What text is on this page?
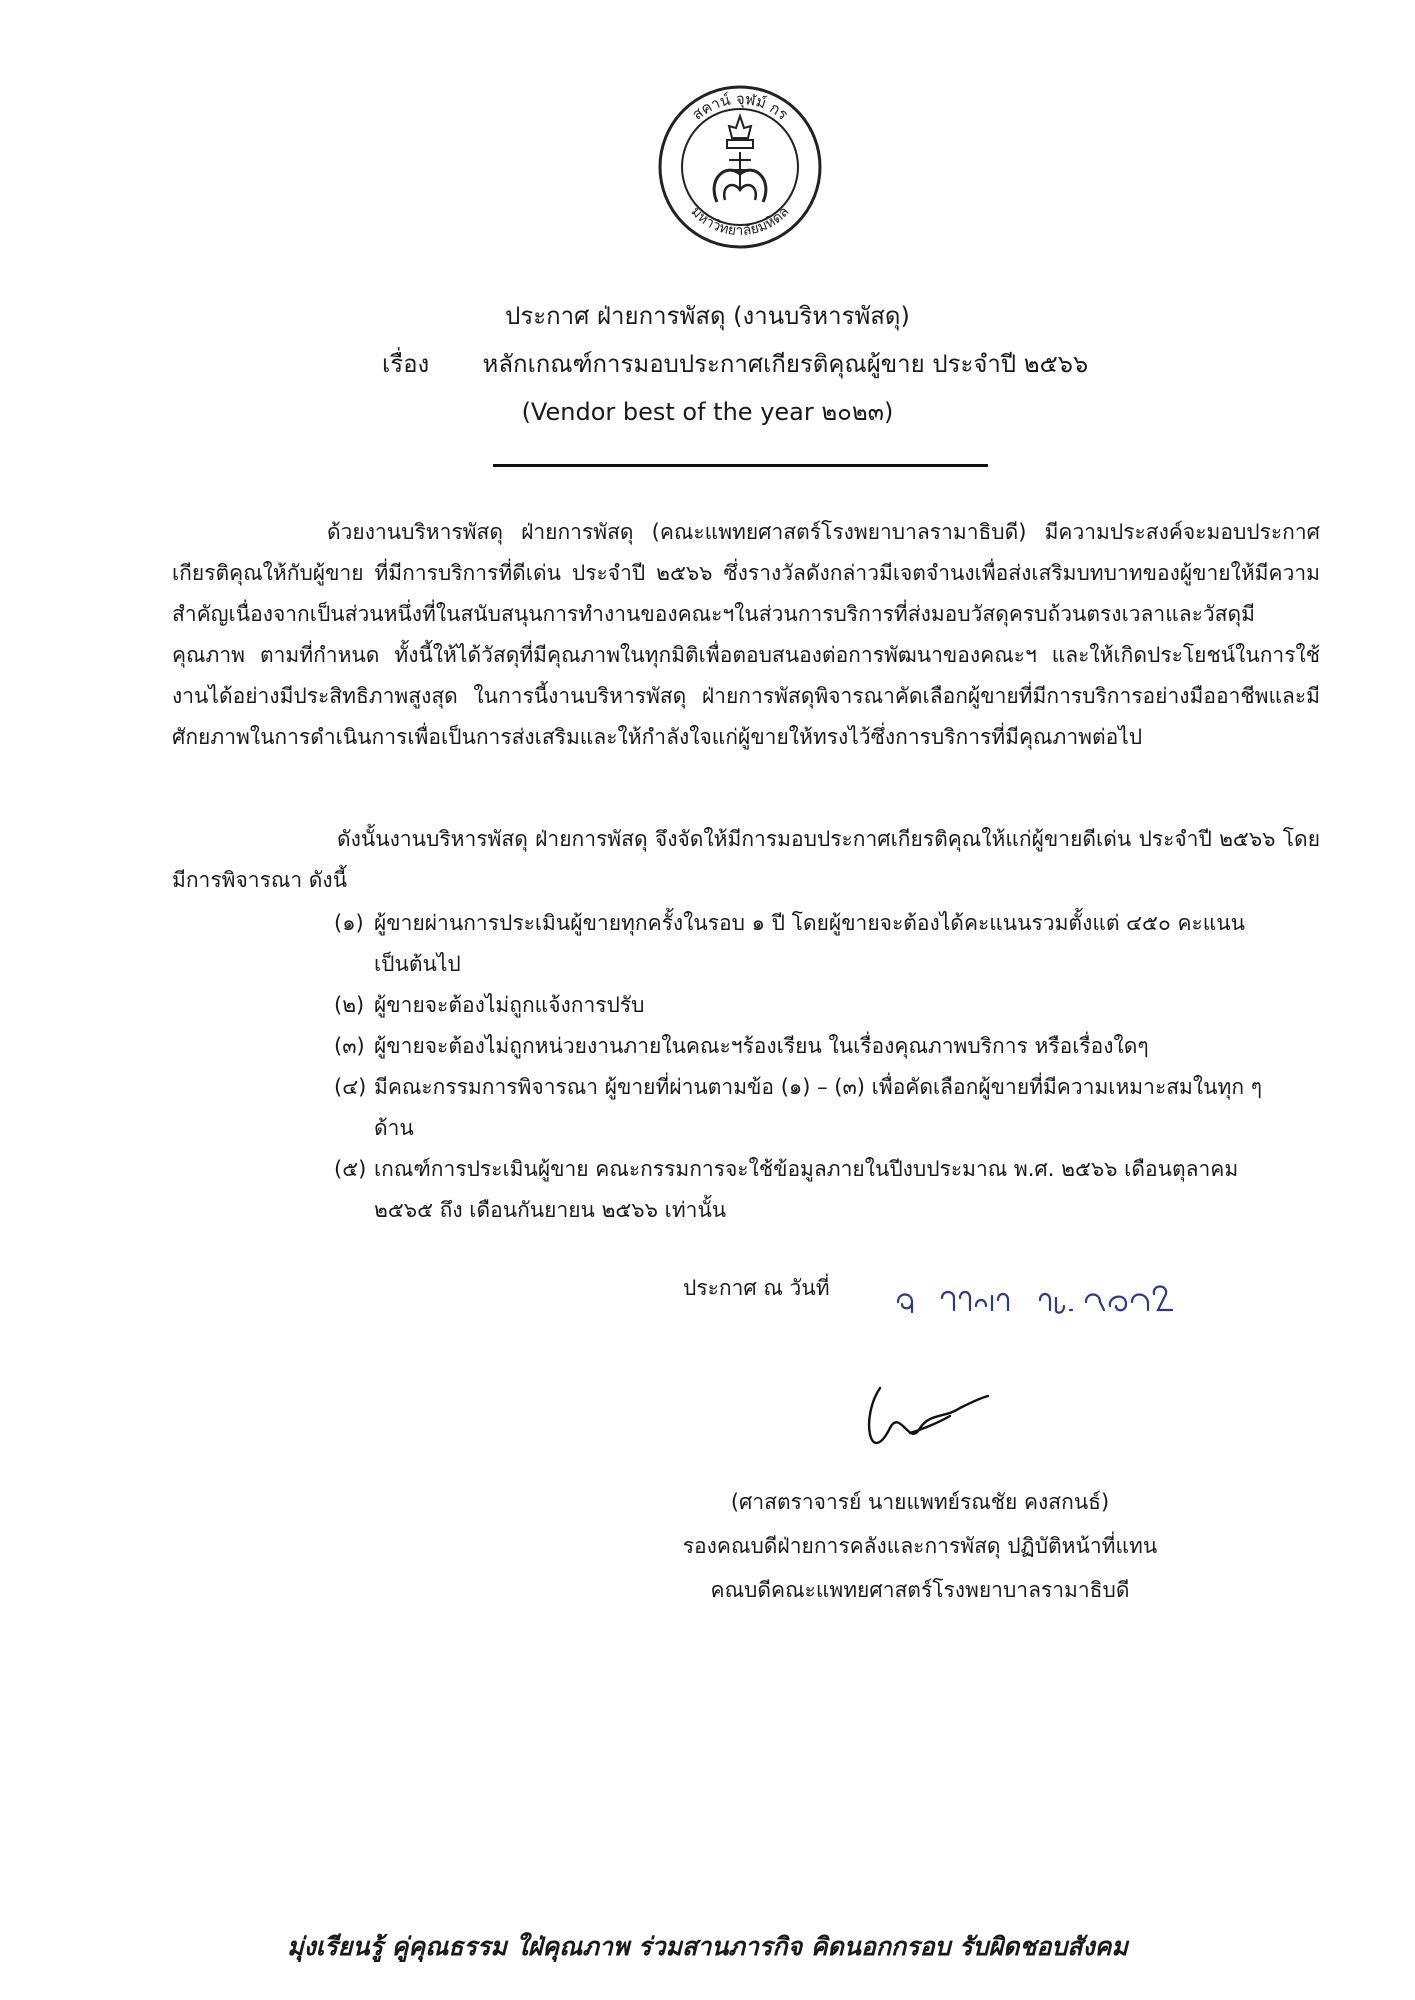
สคาน์ จุฬม์ กร
มหาวิทยาลัยมหิดล
ประกาศ ฝ่ายการพัสดุ (งานบริหารพัสดุ)
เรื่อง หลักเกณฑ์การมอบประกาศเกียรติคุณผู้ขาย ประจำปี ๒๕๖๖
(Vendor best of the year ๒๐๒๓)
ด้วยงานบริหารพัสดุ ฝ่ายการพัสดุ (คณะแพทยศาสตร์โรงพยาบาลรามาธิบดี) มีความประสงค์จะมอบประกาศเกียรติคุณให้กับผู้ขาย ที่มีการบริการที่ดีเด่น ประจำปี ๒๕๖๖ ซึ่งรางวัลดังกล่าวมีเจตจำนงเพื่อส่งเสริมบทบาทของผู้ขายให้มีความสำคัญเนื่องจากเป็นส่วนหนึ่งที่ในสนับสนุนการทำงานของคณะฯในส่วนการบริการที่ส่งมอบวัสดุครบถ้วนตรงเวลาและวัสดุมีคุณภาพ ตามที่กำหนด ทั้งนี้ให้ได้วัสดุที่มีคุณภาพในทุกมิติเพื่อตอบสนองต่อการพัฒนาของคณะฯ และให้เกิดประโยชน์ในการใช้งานได้อย่างมีประสิทธิภาพสูงสุด ในการนี้งานบริหารพัสดุ ฝ่ายการพัสดุพิจารณาคัดเลือกผู้ขายที่มีการบริการอย่างมืออาชีพและมีศักยภาพในการดำเนินการเพื่อเป็นการส่งเสริมและให้กำลังใจแก่ผู้ขายให้ทรงไว้ซึ่งการบริการที่มีคุณภาพต่อไป
ดังนั้นงานบริหารพัสดุ ฝ่ายการพัสดุ จึงจัดให้มีการมอบประกาศเกียรติคุณให้แก่ผู้ขายดีเด่น ประจำปี ๒๕๖๖ โดยมีการพิจารณา ดังนี้
(๑) ผู้ขายผ่านการประเมินผู้ขายทุกครั้งในรอบ ๑ ปี โดยผู้ขายจะต้องได้คะแนนรวมตั้งแต่ ๔๕๐ คะแนนเป็นต้นไป
(๒) ผู้ขายจะต้องไม่ถูกแจ้งการปรับ
(๓) ผู้ขายจะต้องไม่ถูกหน่วยงานภายในคณะฯร้องเรียน ในเรื่องคุณภาพบริการ หรือเรื่องใดๆ
(๔) มีคณะกรรมการพิจารณา ผู้ขายที่ผ่านตามข้อ (๑) – (๓) เพื่อคัดเลือกผู้ขายที่มีความเหมาะสมในทุก ๆ ด้าน
(๕) เกณฑ์การประเมินผู้ขาย คณะกรรมการจะใช้ข้อมูลภายในปีงบประมาณ พ.ศ. ๒๕๖๖ เดือนตุลาคม ๒๕๖๕ ถึง เดือนกันยายน ๒๕๖๖ เท่านั้น
ประกาศ ณ วันที่
(ศาสตราจารย์ นายแพทย์รณชัย คงสกนธ์)
รองคณบดีฝ่ายการคลังและการพัสดุ ปฏิบัติหน้าที่แทน
คณบดีคณะแพทยศาสตร์โรงพยาบาลรามาธิบดี
มุ่งเรียนรู้ คู่คุณธรรม ใฝ่คุณภาพ ร่วมสานภารกิจ คิดนอกกรอบ รับผิดชอบสังคม
